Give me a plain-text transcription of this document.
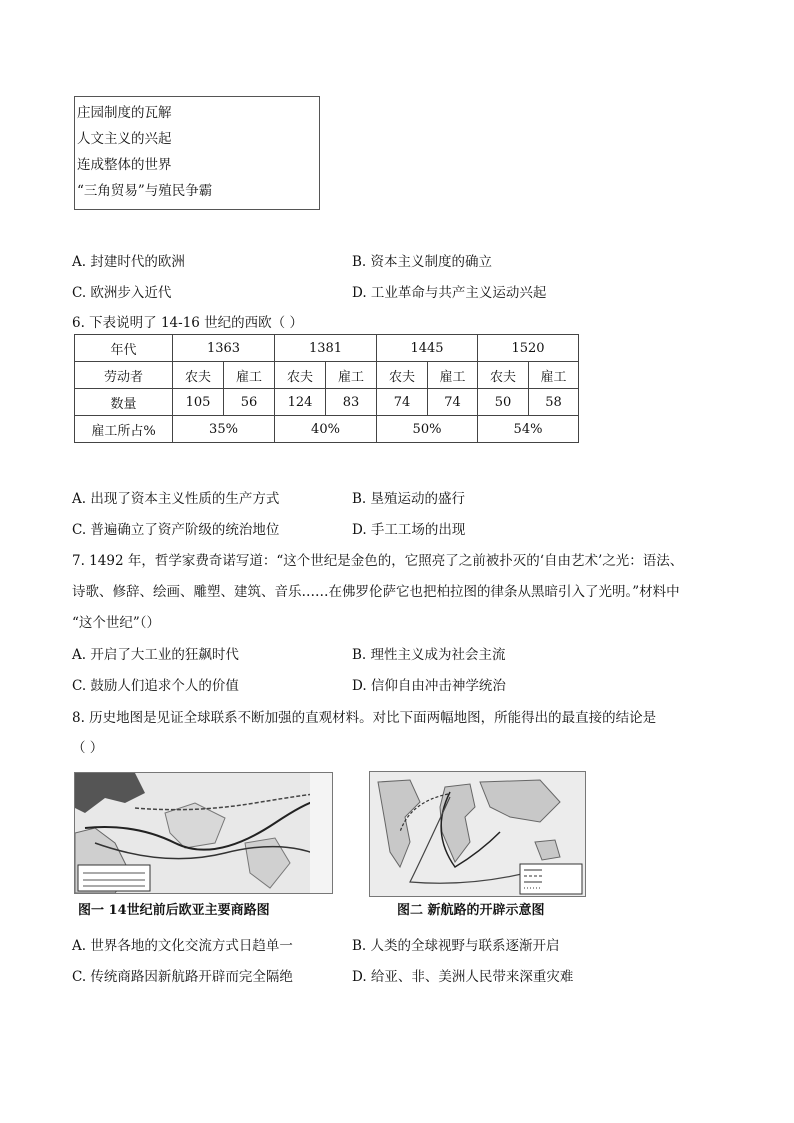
庄园制度的瓦解
人文主义的兴起
连成整体的世界
“三角贸易”与殖民争霸
A. 封建时代的欧洲	B. 资本主义制度的确立
C. 欧洲步入近代	D. 工业革命与共产主义运动兴起
6. 下表说明了 14-16 世纪的西欧（ ）
年代	1363		1381		1445		1520	
劳动者	农夫	雇工	农夫	雇工	农夫	雇工	农夫	雇工
数量	105	56	124	83	74	74	50	58
雇工所占%	35%		40%		50%		54%	
A. 出现了资本主义性质的生产方式	B. 垦殖运动的盛行
C. 普遍确立了资产阶级的统治地位	D. 手工工场的出现
7. 1492 年，哲学家费奇诺写道：“这个世纪是金色的，它照亮了之前被扑灭的‘自由艺术’之光：语法、
诗歌、修辞、绘画、雕塑、建筑、音乐……在佛罗伦萨它也把柏拉图的律条从黑暗引入了光明。”材料中
“这个世纪”（）
A. 开启了大工业的狂飙时代	B. 理性主义成为社会主流
C. 鼓励人们追求个人的价值	D. 信仰自由冲击神学统治
8. 历史地图是见证全球联系不断加强的直观材料。对比下面两幅地图，所能得出的最直接的结论是
（ ）
图一 14世纪前后欧亚主要商路图	图二 新航路的开辟示意图
A. 世界各地的文化交流方式日趋单一	B. 人类的全球视野与联系逐渐开启
C. 传统商路因新航路开辟而完全隔绝	D. 给亚、非、美洲人民带来深重灾难
